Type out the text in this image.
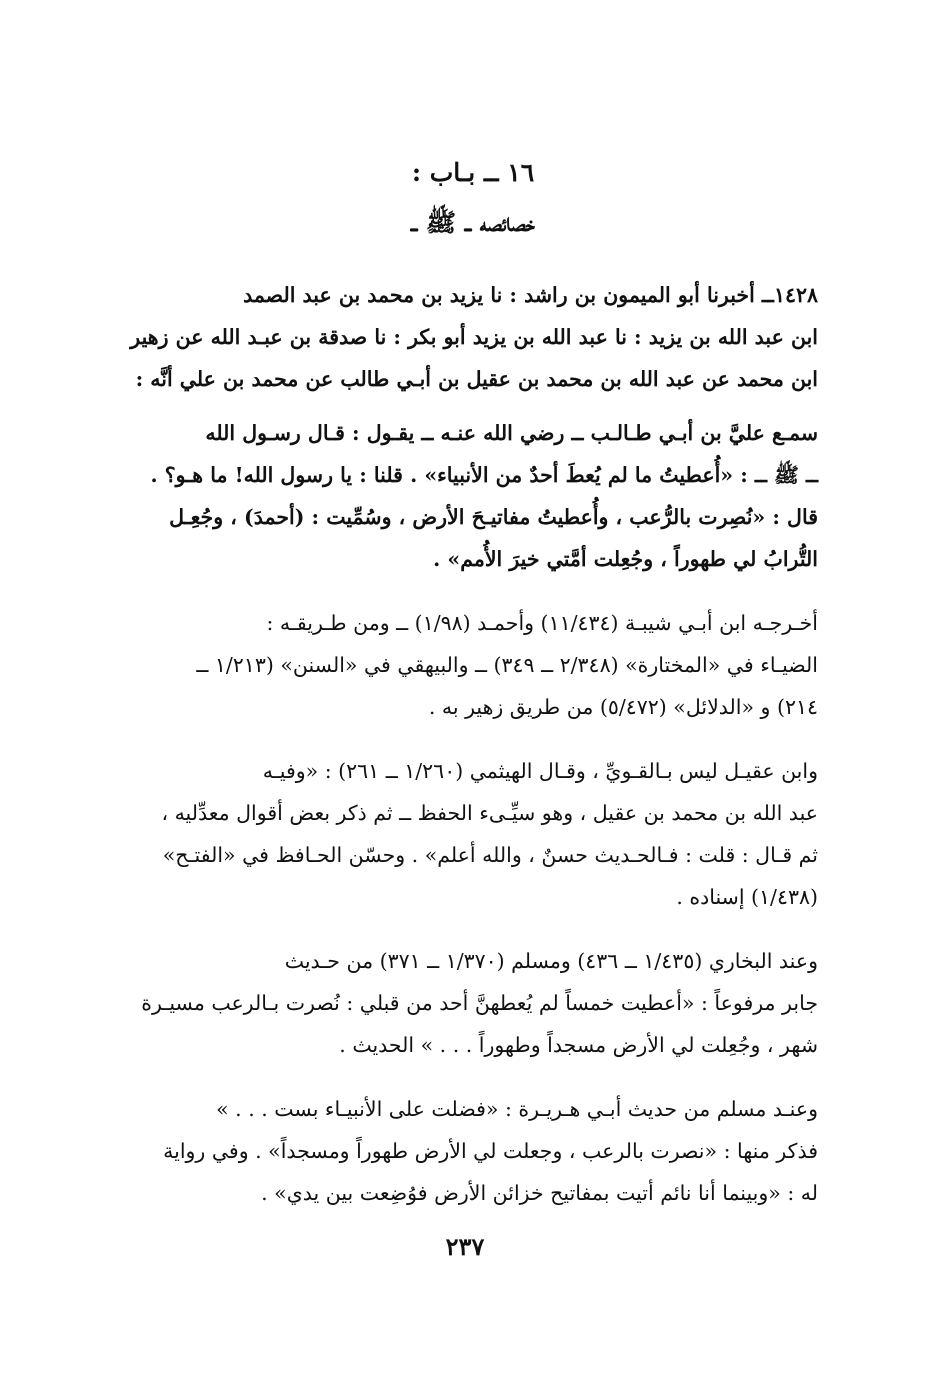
١٦ ــ بـاب :
خصائصه ــ ﷺ ــ

١٤٢٨ــ أخبرنا أبو الميمون بن راشد : نا يزيد بن محمد بن عبد الصمد

ابن عبد الله بن يزيد : نا عبد الله بن يزيد أبو بكر : نا صدقة بن عبـد الله عن زهير

ابن محمد عن عبد الله بن محمد بن عقيل بن أبـي طالب عن محمد بن علي أنَّه :

سمـع عليَّ بن أبـي طـالـب ــ رضي الله عنـه ــ يقـول : قـال رسـول الله

ــ ﷺ ــ : «أُعطيتُ ما لم يُعطَ أحدٌ من الأنبياء» . قلنا : يا رسول الله! ما هـو؟ .

قال : «نُصِرت بالرُّعب ، وأُعطيتُ مفاتيـحَ الأرض ، وسُمِّيت : (أحمدَ) ، وجُعِـل

التُّرابُ لي طهوراً ، وجُعِلت أمَّتي خيرَ الأُمم» .

أخـرجـه ابن أبـي شيبـة (١١/٤٣٤) وأحمـد (١/٩٨) ــ ومن طـريقـه :

الضيـاء في «المختارة» (٢/٣٤٨ ــ ٣٤٩) ــ والبيهقي في «السنن» (١/٢١٣ ــ

٢١٤) و «الدلائل» (٥/٤٧٢) من طريق زهير به .

وابن عقيـل ليس بـالقـويِّ ، وقـال الهيثمي (١/٢٦٠ ــ ٢٦١) : «وفيـه

عبد الله بن محمد بن عقيل ، وهو سيِّـىء الحفظ ــ ثم ذكر بعض أقوال معدِّليه ،

ثم قـال : قلت : فـالحـديث حسنٌ ، والله أعلم» . وحسّن الحـافظ في «الفتـح»

(١/٤٣٨) إسناده .

وعند البخاري (١/٤٣٥ ــ ٤٣٦) ومسلم (١/٣٧٠ ــ ٣٧١) من حـديث

جابر مرفوعاً : «أعطيت خمساً لم يُعطهنَّ أحد من قبلي : نُصرت بـالرعب مسيـرة

شهر ، وجُعِلت لي الأرض مسجداً وطهوراً . . . » الحديث .

وعنـد مسلم من حديث أبـي هـريـرة : «فضلت على الأنبيـاء بست . . . »

فذكر منها : «نصرت بالرعب ، وجعلت لي الأرض طهوراً ومسجداً» . وفي رواية

له : «وبينما أنا نائم أتيت بمفاتيح خزائن الأرض فوُضِعت بين يدي» .

٢٣٧
